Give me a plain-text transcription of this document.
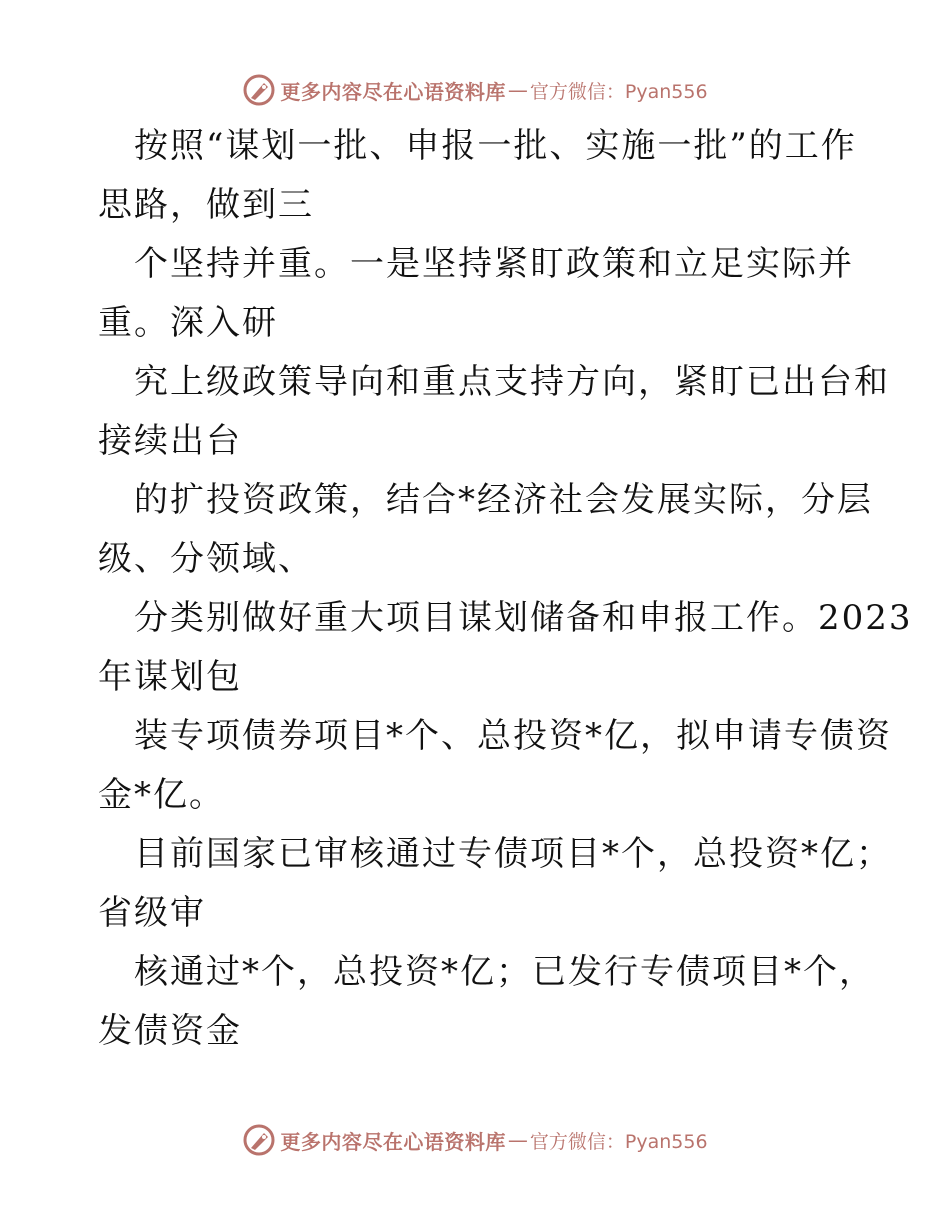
更多内容尽在心语资料库 — 官方微信：Pyan556
按照“谋划一批、申报一批、实施一批”的工作
思路，做到三
个坚持并重。一是坚持紧盯政策和立足实际并
重。深入研
究上级政策导向和重点支持方向，紧盯已出台和
接续出台
的扩投资政策，结合*经济社会发展实际，分层
级、分领域、
分类别做好重大项目谋划储备和申报工作。2023
年谋划包
装专项债券项目*个、总投资*亿，拟申请专债资
金*亿。
目前国家已审核通过专债项目*个，总投资*亿；
省级审
核通过*个，总投资*亿；已发行专债项目*个，
发债资金
更多内容尽在心语资料库 — 官方微信：Pyan556
